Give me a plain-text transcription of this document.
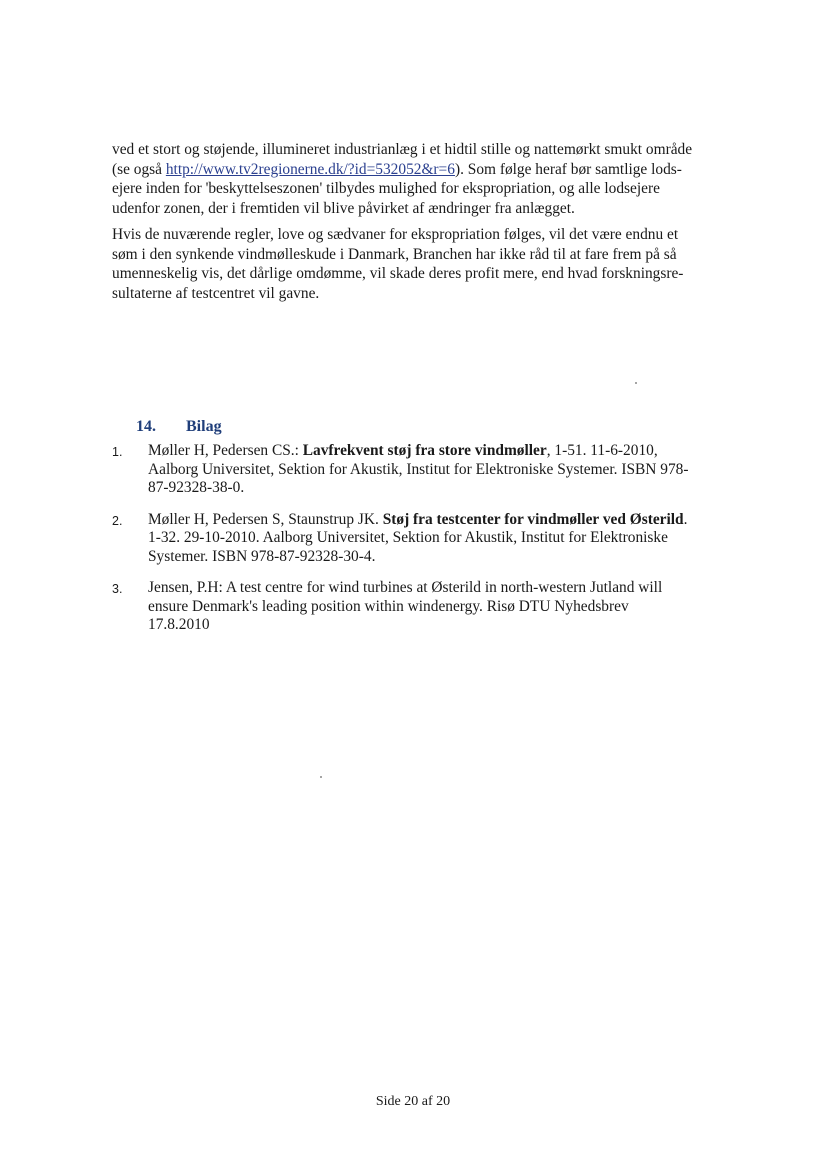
ved et stort og støjende, illumineret industrianlæg i et hidtil stille og nattemørkt smukt område

(se også http://www.tv2regionerne.dk/?id=532052&r=6). Som følge heraf bør samtlige lods-

ejere inden for 'beskyttelseszonen' tilbydes mulighed for ekspropriation, og alle lodsejere

udenfor zonen, der i fremtiden vil blive påvirket af ændringer fra anlægget.

Hvis de nuværende regler, love og sædvaner for ekspropriation følges, vil det være endnu et

søm i den synkende vindmølleskude i Danmark, Branchen har ikke råd til at fare frem på så

umenneskelig vis, det dårlige omdømme, vil skade deres profit mere, end hvad forskningsre-

sultaterne af testcentret vil gavne.

14. Bilag
1. Møller H, Pedersen CS.: Lavfrekvent støj fra store vindmøller, 1-51. 11-6-2010,
Aalborg Universitet, Sektion for Akustik, Institut for Elektroniske Systemer. ISBN 978-
87-92328-38-0.
2. Møller H, Pedersen S, Staunstrup JK. Støj fra testcenter for vindmøller ved Østerild.
1-32. 29-10-2010. Aalborg Universitet, Sektion for Akustik, Institut for Elektroniske
Systemer. ISBN 978-87-92328-30-4.
3. Jensen, P.H: A test centre for wind turbines at Østerild in north-western Jutland will
ensure Denmark's leading position within windenergy. Risø DTU Nyhedsbrev
17.8.2010
Side 20 af 20
